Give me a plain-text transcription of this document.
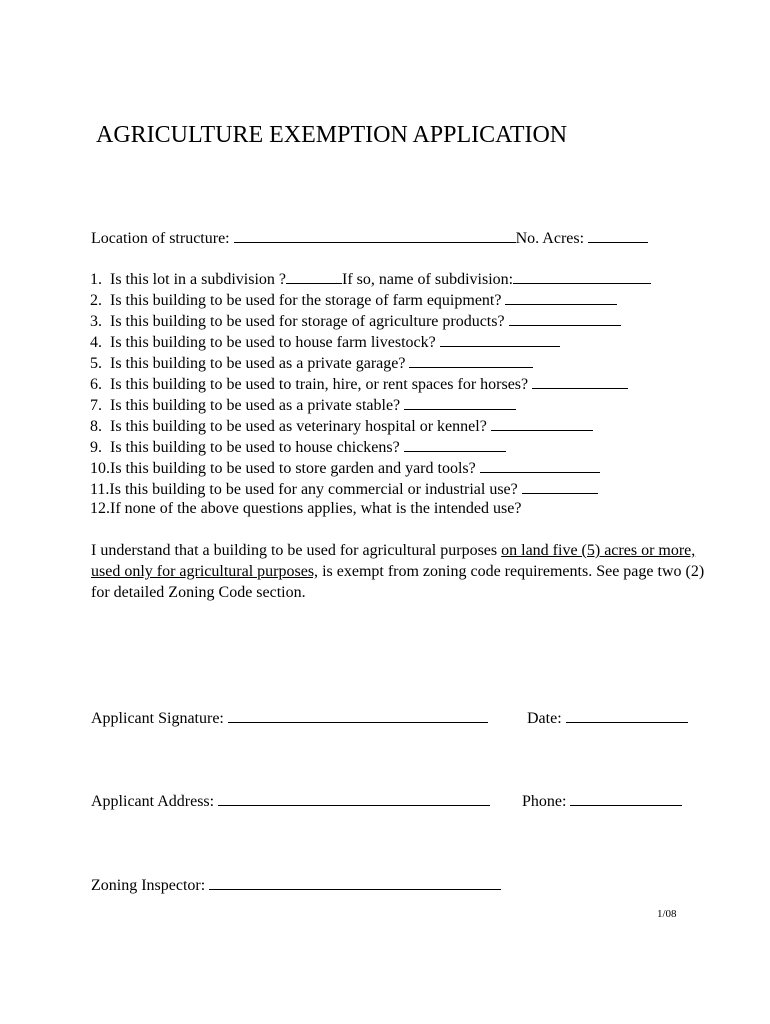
AGRICULTURE EXEMPTION APPLICATION
Location of structure:	No. Acres:
1. Is this lot in a subdivision ?	If so, name of subdivision:
2. Is this building to be used for the storage of farm equipment?
3. Is this building to be used for storage of agriculture products?
4. Is this building to be used to house farm livestock?
5. Is this building to be used as a private garage?
6. Is this building to be used to train, hire, or rent spaces for horses?
7. Is this building to be used as a private stable?
8. Is this building to be used as veterinary hospital or kennel?
9. Is this building to be used to house chickens?
10.Is this building to be used to store garden and yard tools?
11.Is this building to be used for any commercial or industrial use?
12.If none of the above questions applies, what is the intended use?
I understand that a building to be used for agricultural purposes on land five (5) acres or more, used only for agricultural purposes, is exempt from zoning code requirements. See page two (2) for detailed Zoning Code section.
Applicant Signature:	Date:
Applicant Address:	Phone:
Zoning Inspector:
1/08
